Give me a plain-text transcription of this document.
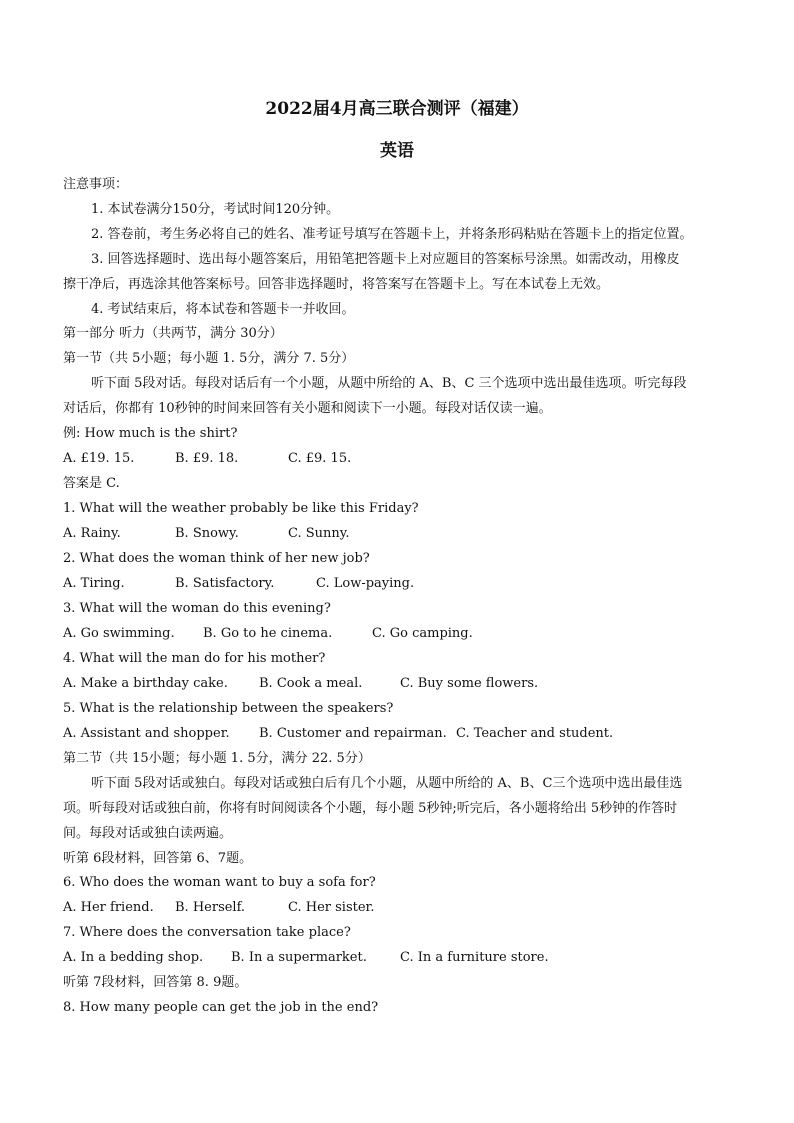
2022届4月高三联合测评（福建）
英语
注意事项：
1. 本试卷满分150分，考试时间120分钟。
2. 答卷前，考生务必将自己的姓名、准考证号填写在答题卡上，并将条形码粘贴在答题卡上的指定位置。
3. 回答选择题时、选出每小题答案后，用铅笔把答题卡上对应题目的答案标号涂黑。如需改动，用橡皮
擦干净后，再选涂其他答案标号。回答非选择题时，将答案写在答题卡上。写在本试卷上无效。
4. 考试结束后，将本试卷和答题卡一并收回。
第一部分 听力（共两节，满分 30分）
第一节（共 5小题；每小题 1. 5分，满分 7. 5分）
听下面 5段对话。每段对话后有一个小题，从题中所给的 A、B、C 三个选项中选出最佳选项。听完每段
对话后，你都有 10秒钟的时间来回答有关小题和阅读下一小题。每段对话仅读一遍。
例: How much is the shirt?
A. £19. 15.	B. £9. 18.	C. £9. 15.
答案是 C.
1. What will the weather probably be like this Friday?
A. Rainy.	B. Snowy.	C. Sunny.
2. What does the woman think of her new job?
A. Tiring.	B. Satisfactory.	C. Low-paying.
3. What will the woman do this evening?
A. Go swimming. B. Go to he cinema.	C. Go camping.
4. What will the man do for his mother?
A. Make a birthday cake. B. Cook a meal.	C. Buy some flowers.
5. What is the relationship between the speakers?
A. Assistant and shopper. B. Customer and repairman. C. Teacher and student.
第二节（共 15小题；每小题 1. 5分，满分 22. 5分）
听下面 5段对话或独白。每段对话或独白后有几个小题，从题中所给的 A、B、C三个选项中选出最佳选
项。听每段对话或独白前，你将有时间阅读各个小题，每小题 5秒钟;听完后，各小题将给出 5秒钟的作答时
间。每段对话或独白读两遍。
听第 6段材料，回答第 6、7题。
6. Who does the woman want to buy a sofa for?
A. Her friend. B. Herself.	C. Her sister.
7. Where does the conversation take place?
A. In a bedding shop. B. In a supermarket.	C. In a furniture store.
听第 7段材料，回答第 8. 9题。
8. How many people can get the job in the end?
